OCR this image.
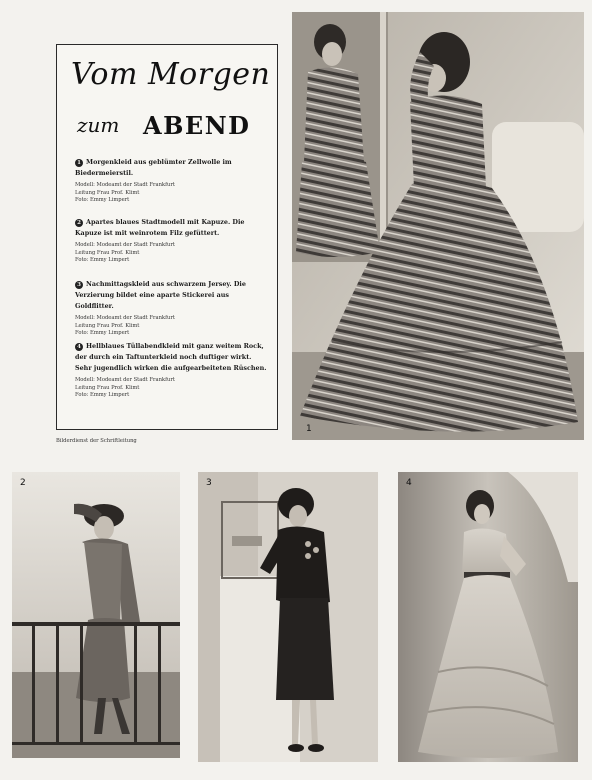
Vom Morgen
zum ABEND
1 Morgenkleid aus geblümter Zellwolle im Biedermeierstil.
Modell: Modeamt der Stadt Frankfurt
Leitung Frau Prof. Klimt
Foto: Emmy Limpert
2 Apartes blaues Stadtmodell mit Kapuze. Die Kapuze ist mit weinrotem Filz gefüttert.
Modell: Modeamt der Stadt Frankfurt
Leitung Frau Prof. Klimt
Foto: Emmy Limpert
3 Nachmittagskleid aus schwarzem Jersey. Die Verzierung bildet eine aparte Stickerei aus Goldflitter.
Modell: Modeamt der Stadt Frankfurt
Leitung Frau Prof. Klimt
Foto: Emmy Limpert
4 Hellblaues Tüllabendkleid mit ganz weitem Rock, der durch ein Taftunterkleid noch duftiger wirkt. Sehr jugendlich wirken die aufgearbeiteten Rüschen.
Modell: Modeamt der Stadt Frankfurt
Leitung Frau Prof. Klimt
Foto: Emmy Limpert
Bilderdienst der Schriftleitung
1
2	3	4
